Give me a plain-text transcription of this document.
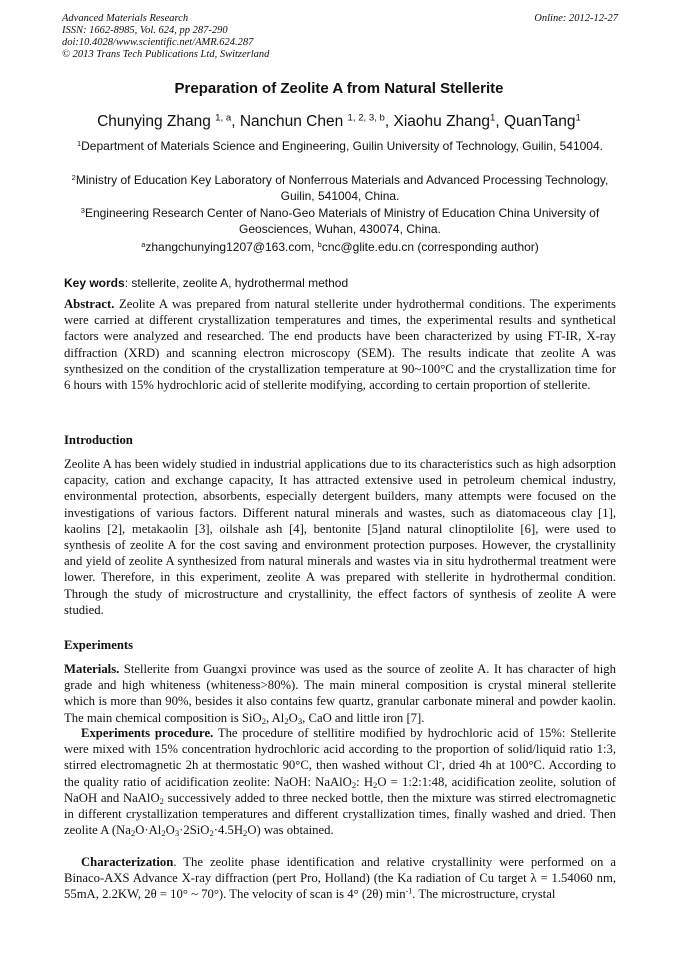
Advanced Materials Research
ISSN: 1662-8985, Vol. 624, pp 287-290
doi:10.4028/www.scientific.net/AMR.624.287
© 2013 Trans Tech Publications Ltd, Switzerland
Online: 2012-12-27
Preparation of Zeolite A from Natural Stellerite
Chunying Zhang $^{1, a}$, Nanchun Chen $^{1, 2, 3, b}$, Xiaohu Zhang$^1$, QuanTang$^1$
$^1$Department of Materials Science and Engineering, Guilin University of Technology, Guilin, 541004.
$^2$Ministry of Education Key Laboratory of Nonferrous Materials and Advanced Processing Technology, Guilin, 541004, China.
$^3$Engineering Research Center of Nano-Geo Materials of Ministry of Education China University of Geosciences, Wuhan, 430074, China.
$^a$zhangchunying1207@163.com, $^b$cnc@glite.edu.cn (corresponding author)
Key words: stellerite, zeolite A, hydrothermal method
Abstract. Zeolite A was prepared from natural stellerite under hydrothermal conditions. The experiments were carried at different crystallization temperatures and times, the experimental results and synthetical factors were analyzed and researched. The end products have been characterized by using FT-IR, X-ray diffraction (XRD) and scanning electron microscopy (SEM). The results indicate that zeolite A was synthesized on the condition of the crystallization temperature at 90~100°C and the crystallization time for 6 hours with 15% hydrochloric acid of stellerite modifying, according to certain proportion of stellerite.
Introduction
Zeolite A has been widely studied in industrial applications due to its characteristics such as high adsorption capacity, cation and exchange capacity, It has attracted extensive used in petroleum chemical industry, environmental protection, absorbents, especially detergent builders, many attempts were focused on the investigations of various factors. Different natural minerals and wastes, such as diatomaceous clay [1], kaolins [2], metakaolin [3], oilshale ash [4], bentonite [5]and natural clinoptilolite [6], were used to synthesis of zeolite A for the cost saving and environment protection purposes. However, the crystallinity and yield of zeolite A synthesized from natural minerals and wastes via in situ hydrothermal treatment were lower. Therefore, in this experiment, zeolite A was prepared with stellerite in hydrothermal condition. Through the study of microstructure and crystallinity, the effect factors of synthesis of zeolite A were studied.
Experiments
Materials. Stellerite from Guangxi province was used as the source of zeolite A. It has character of high grade and high whiteness (whiteness>80%). The main mineral composition is crystal mineral stellerite which is more than 90%, besides it also contains few quartz, granular carbonate mineral and powder kaolin. The main chemical composition is SiO$_2$, $Al_2O_3$, CaO and little iron [7].
Experiments procedure. The procedure of stellitire modified by hydrochloric acid of 15%: Stellerite were mixed with 15% concentration hydrochloric acid according to the proportion of solid/liquid ratio 1:3, stirred electromagnetic 2h at thermostatic 90°C, then washed without Cl-, dried 4h at 100°C. According to the quality ratio of acidification zeolite: NaOH: NaAlO$_2$: $H_2O$ = 1:2:1:48, acidification zeolite, solution of NaOH and NaAlO$_2$ successively added to three necked bottle, then the mixture was stirred electromagnetic in different crystallization temperatures and different crystallization times, finally washed and dried. Then zeolite A $(Na_2O\cdot Al_2O_3\cdot 2SiO_2\cdot 4.5H_2O)$ was obtained.
Characterization. The zeolite phase identification and relative crystallinity were performed on a Binaco-AXS Advance X-ray diffraction (pert Pro, Holland) (the Ka radiation of Cu target λ = 1.54060 nm, 55mA, 2.2KW, 2θ = 10° ~ 70°). The velocity of scan is 4° (2θ) $\min^{-1}$. The microstructure, crystal
